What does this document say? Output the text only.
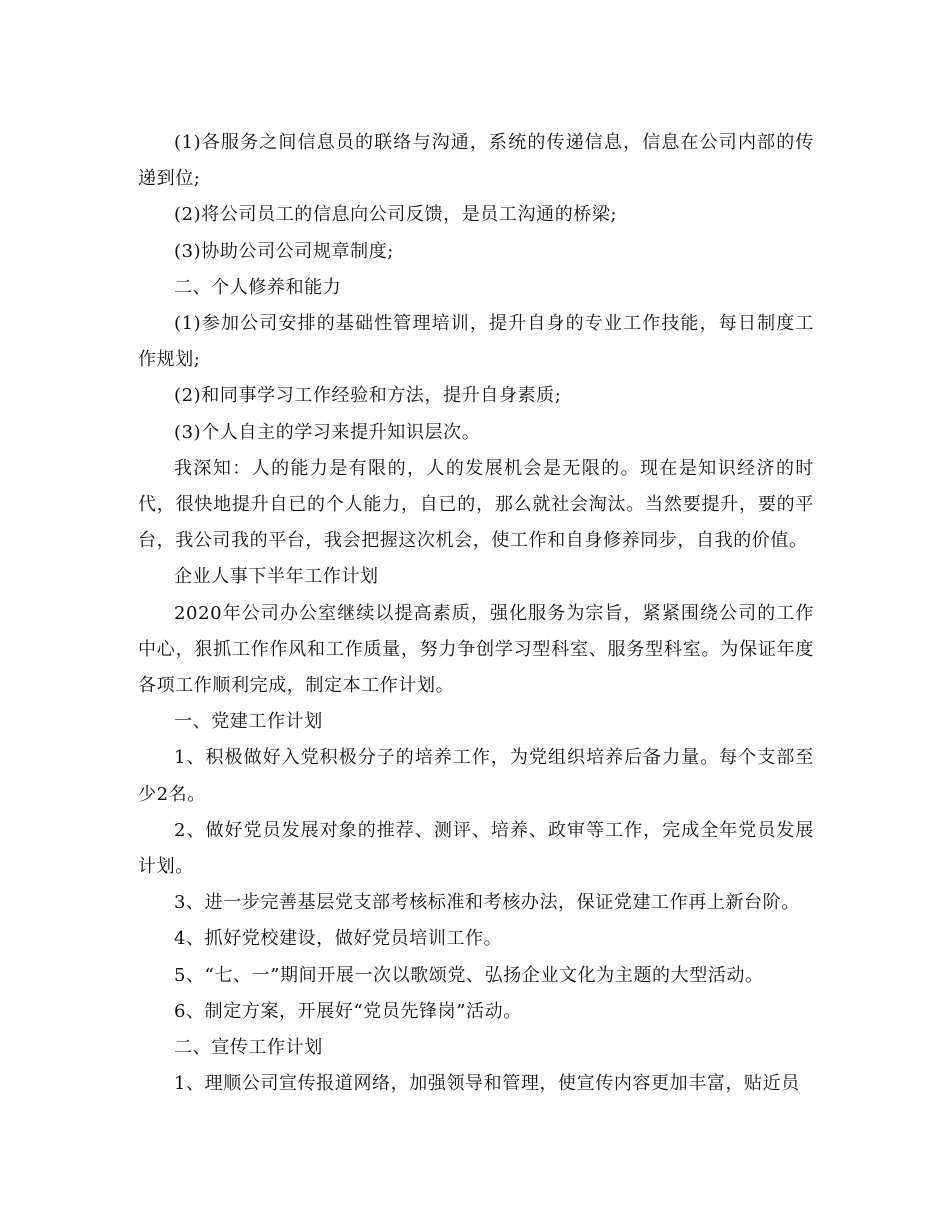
(1)各服务之间信息员的联络与沟通，系统的传递信息，信息在公司内部的传递到位;

(2)将公司员工的信息向公司反馈，是员工沟通的桥梁;

(3)协助公司公司规章制度;

二、个人修养和能力

(1)参加公司安排的基础性管理培训，提升自身的专业工作技能，每日制度工作规划;

(2)和同事学习工作经验和方法，提升自身素质;

(3)个人自主的学习来提升知识层次。

我深知：人的能力是有限的，人的发展机会是无限的。现在是知识经济的时代，很快地提升自已的个人能力，自已的，那么就社会淘汰。当然要提升，要的平台，我公司我的平台，我会把握这次机会，使工作和自身修养同步，自我的价值。

企业人事下半年工作计划

2020年公司办公室继续以提高素质，强化服务为宗旨，紧紧围绕公司的工作中心，狠抓工作作风和工作质量，努力争创学习型科室、服务型科室。为保证年度各项工作顺利完成，制定本工作计划。

一、党建工作计划

1、积极做好入党积极分子的培养工作，为党组织培养后备力量。每个支部至少2名。

2、做好党员发展对象的推荐、测评、培养、政审等工作，完成全年党员发展计划。

3、进一步完善基层党支部考核标准和考核办法，保证党建工作再上新台阶。

4、抓好党校建设，做好党员培训工作。

5、“七、一”期间开展一次以歌颂党、弘扬企业文化为主题的大型活动。

6、制定方案，开展好“党员先锋岗”活动。

二、宣传工作计划

1、理顺公司宣传报道网络，加强领导和管理，使宣传内容更加丰富，贴近员
